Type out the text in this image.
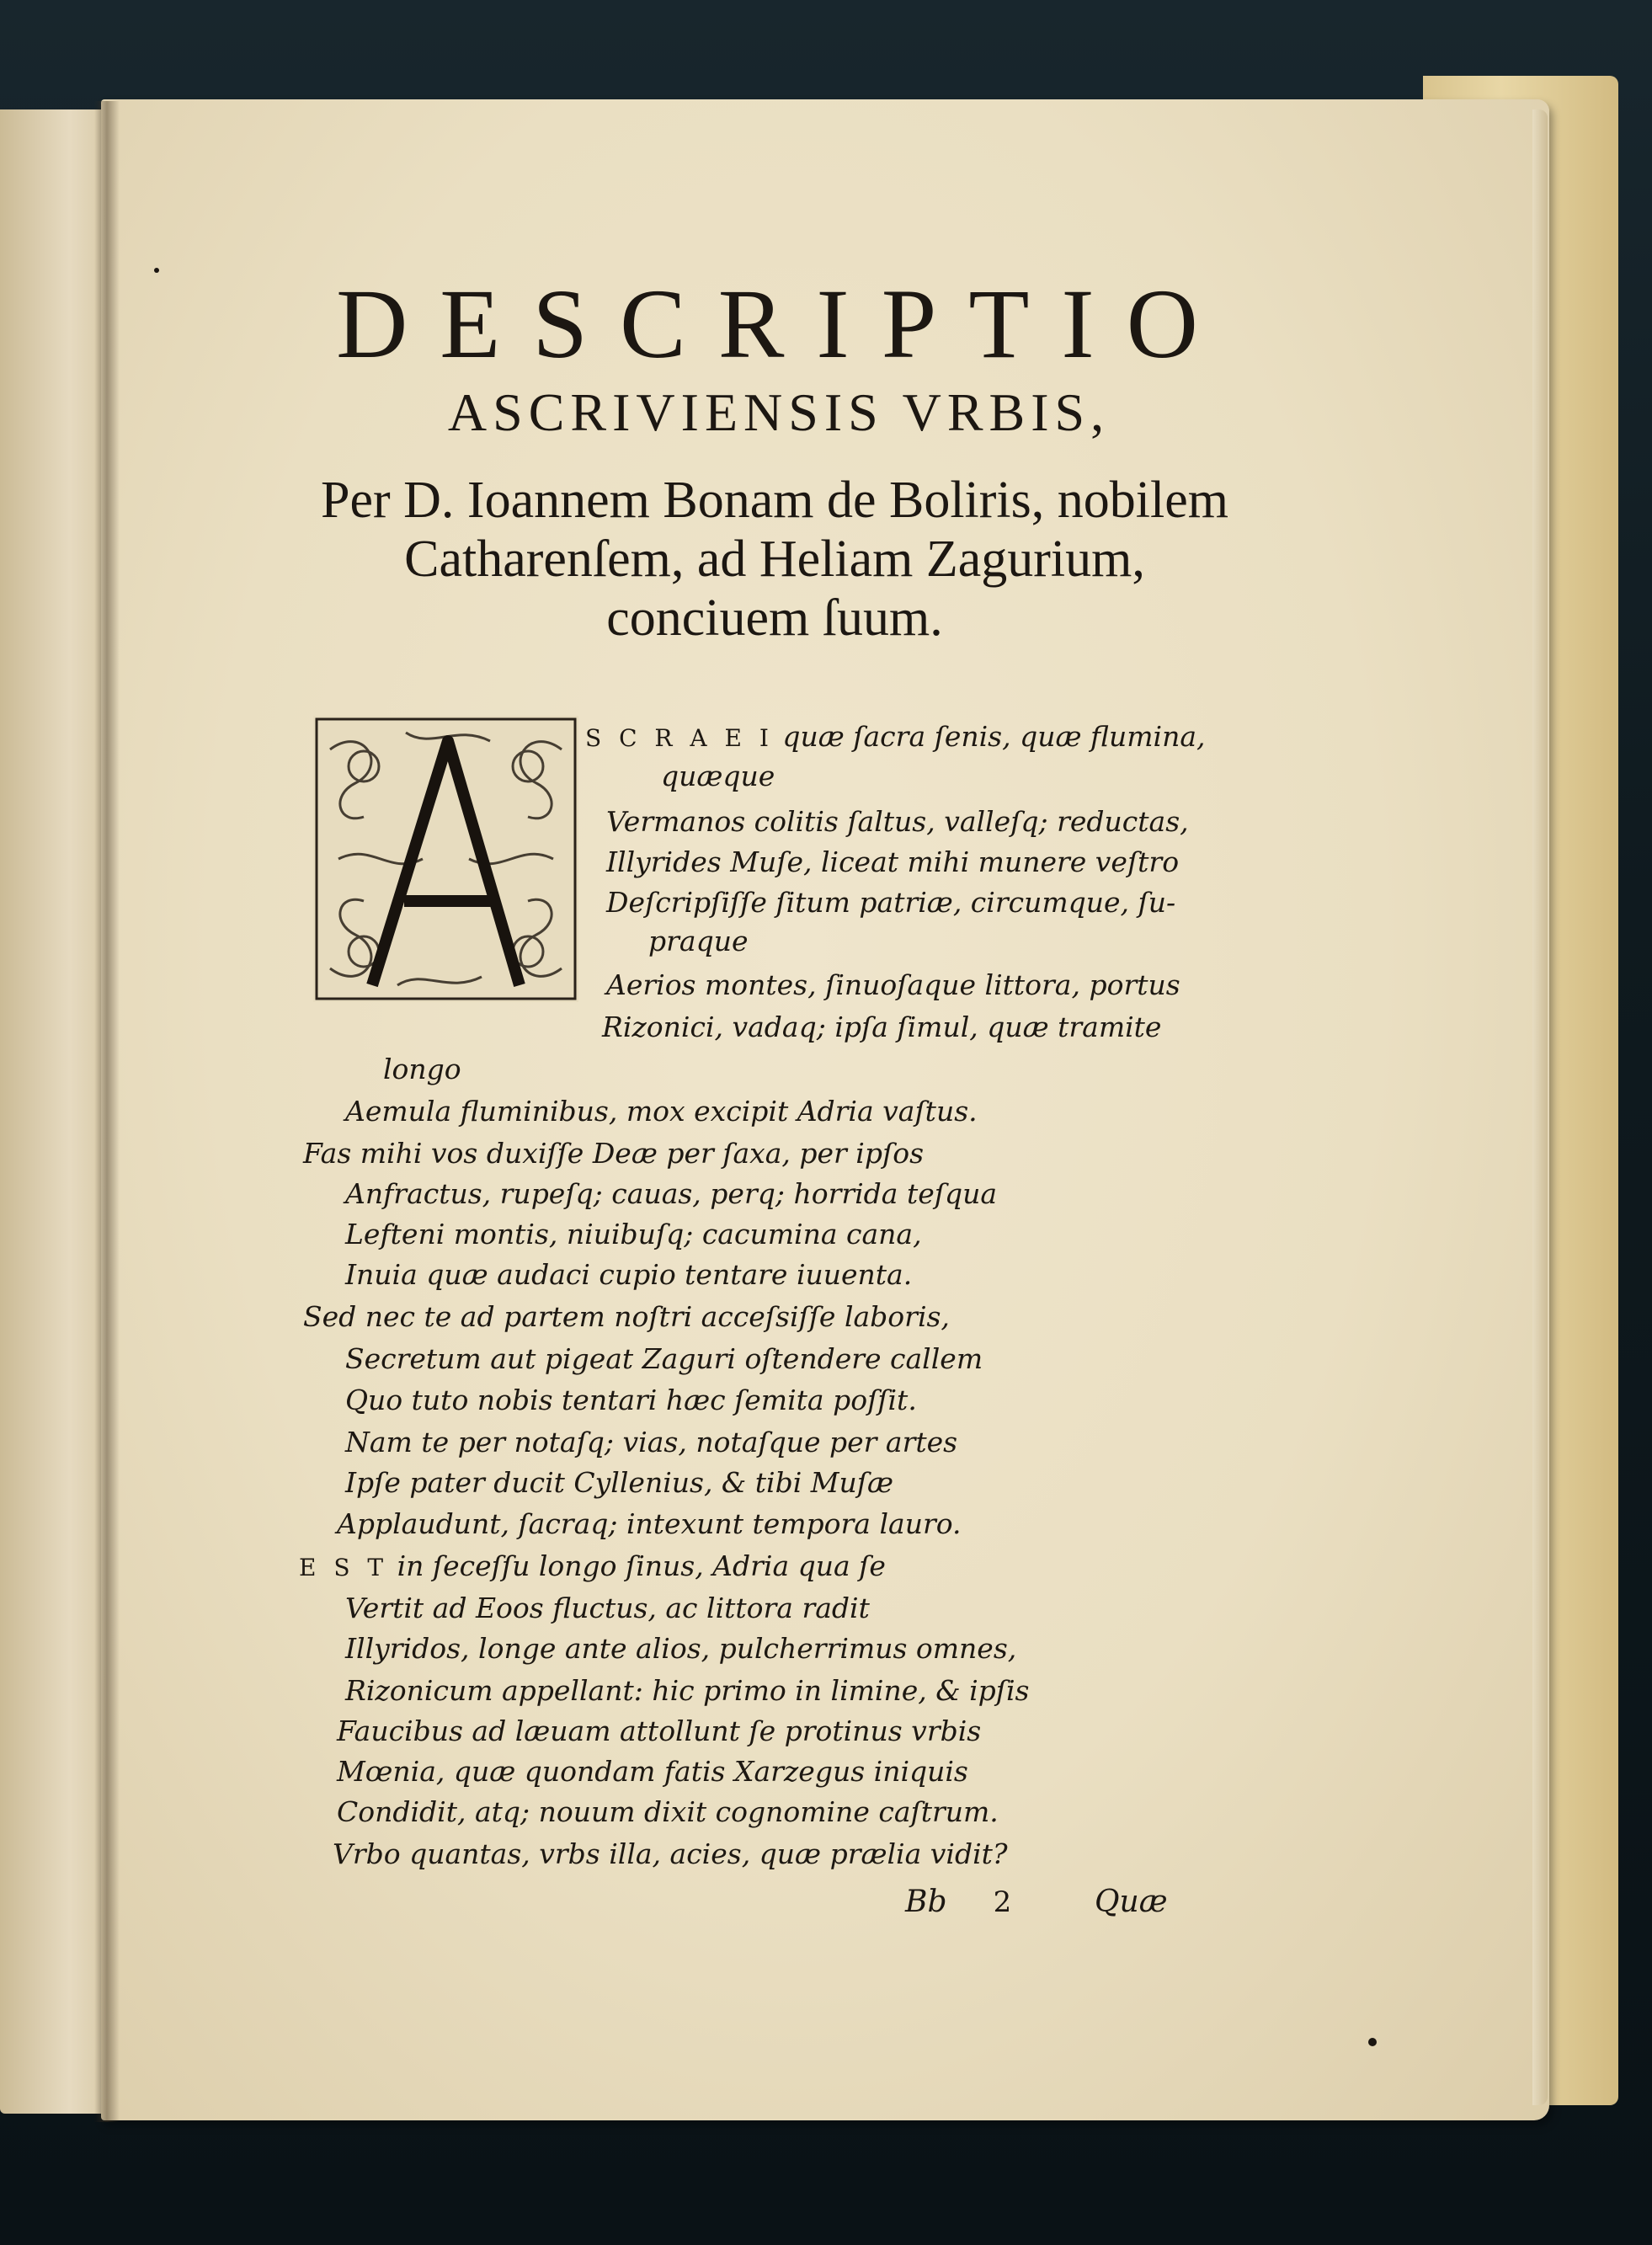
DESCRIPTIO
ASCRIVIENSIS VRBIS,
Per D. Ioannem Bonam de Boliris, nobilem
Catharenſem, ad Heliam Zagurium,
conciuem ſuum.
S C R A E I quæ ſacra ſenis, quæ flumina,
quæque
Vermanos colitis ſaltus, valleſq; reductas,
Illyrides Muſe, liceat mihi munere veſtro
Deſcripſiſſe ſitum patriæ, circumque, ſu-
praque
Aerios montes, ſinuoſaque littora, portus
Rizonici, vadaq; ipſa ſimul, quæ tramite
longo
Aemula fluminibus, mox excipit Adria vaſtus.
Fas mihi vos duxiſſe Deæ per ſaxa, per ipſos
Anfractus, rupeſq; cauas, perq; horrida teſqua
Lefteni montis, niuibuſq; cacumina cana,
Inuia quæ audaci cupio tentare iuuenta.
Sed nec te ad partem noſtri acceſsiſſe laboris,
Secretum aut pigeat Zaguri oſtendere callem
Quo tuto nobis tentari hæc ſemita poſſit.
Nam te per notaſq; vias, notaſque per artes
Ipſe pater ducit Cyllenius, & tibi Muſæ
Applaudunt, ſacraq; intexunt tempora lauro.
E S T in ſeceſſu longo ſinus, Adria qua ſe
Vertit ad Eoos fluctus, ac littora radit
Illyridos, longe ante alios, pulcherrimus omnes,
Rizonicum appellant: hic primo in limine, & ipſis
Faucibus ad læuam attollunt ſe protinus vrbis
Mœnia, quæ quondam fatis Xarzegus iniquis
Condidit, atq; nouum dixit cognomine caſtrum.
Vrbo quantas, vrbs illa, acies, quæ prælia vidit?
Bb 2	Quæ
